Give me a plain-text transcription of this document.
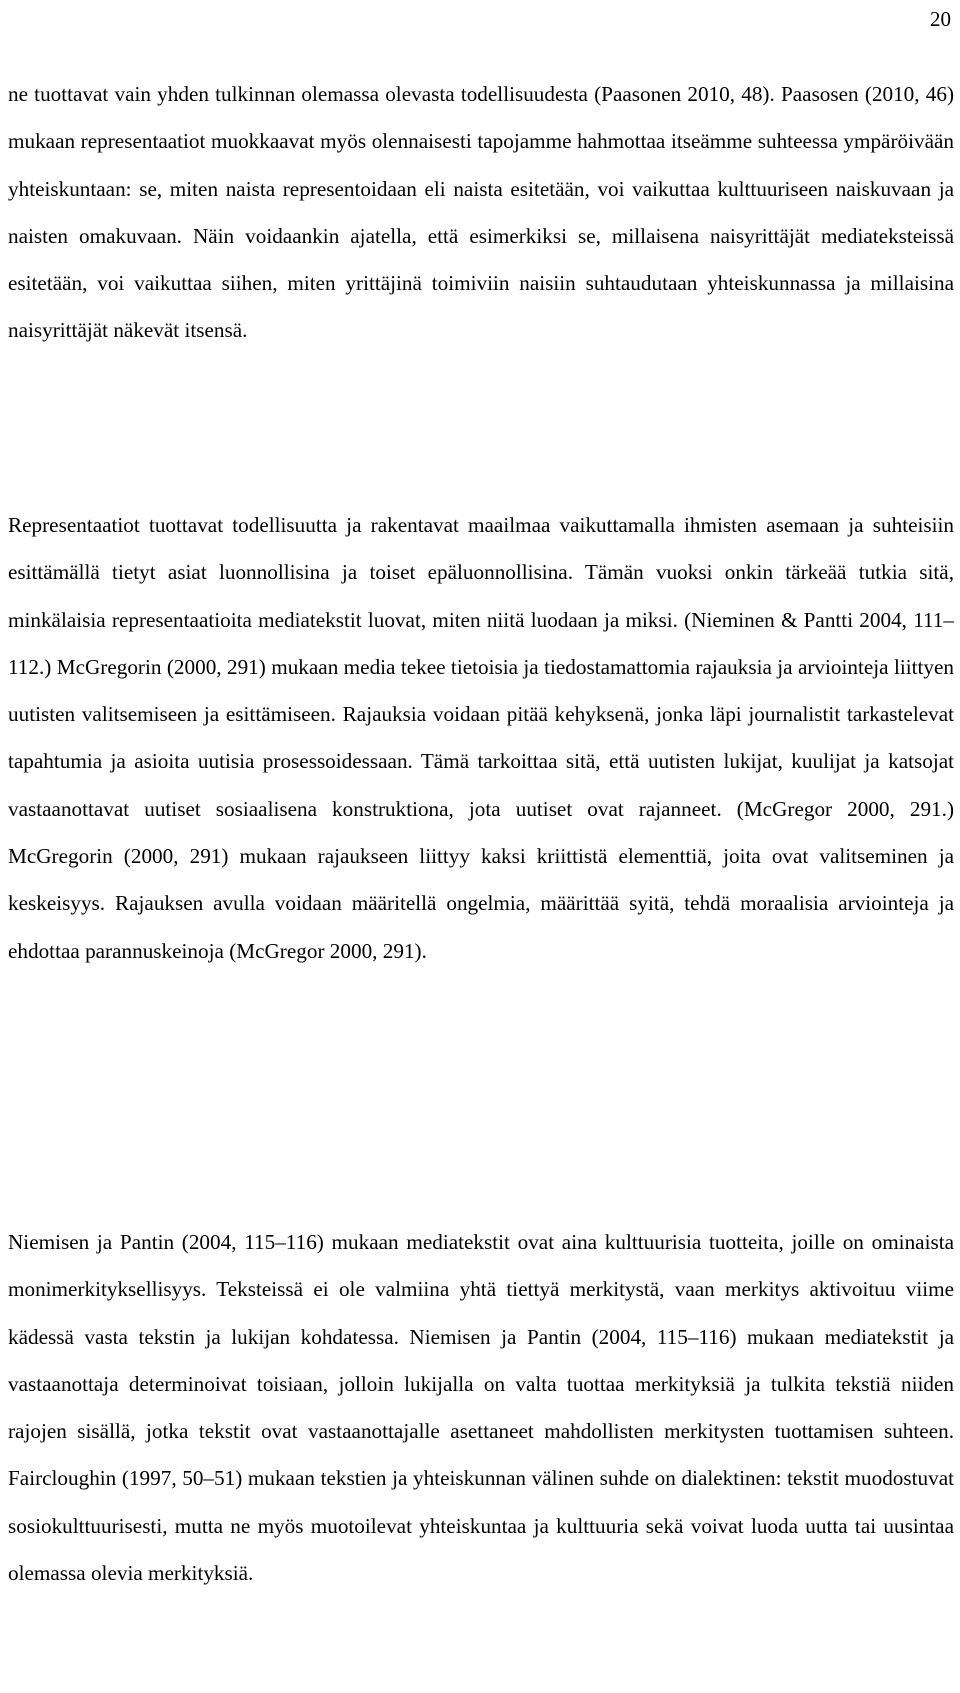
20

ne tuottavat vain yhden tulkinnan olemassa olevasta todellisuudesta (Paasonen 2010, 48). Paasosen (2010, 46) mukaan representaatiot muokkaavat myös olennaisesti tapojamme hahmottaa itseämme suhteessa ympäröivään yhteiskuntaan: se, miten naista representoidaan eli naista esitetään, voi vaikuttaa kulttuuriseen naiskuvaan ja naisten omakuvaan. Näin voidaankin ajatella, että esimerkiksi se, millaisena naisyrittäjät mediateksteissä esitetään, voi vaikuttaa siihen, miten yrittäjinä toimiviin naisiin suhtaudutaan yhteiskunnassa ja millaisina naisyrittäjät näkevät itsensä.

Representaatiot tuottavat todellisuutta ja rakentavat maailmaa vaikuttamalla ihmisten asemaan ja suhteisiin esittämällä tietyt asiat luonnollisina ja toiset epäluonnollisina. Tämän vuoksi onkin tärkeää tutkia sitä, minkälaisia representaatioita mediatekstit luovat, miten niitä luodaan ja miksi. (Nieminen & Pantti 2004, 111–112.) McGregorin (2000, 291) mukaan media tekee tietoisia ja tiedostamattomia rajauksia ja arviointeja liittyen uutisten valitsemiseen ja esittämiseen. Rajauksia voidaan pitää kehyksenä, jonka läpi journalistit tarkastelevat tapahtumia ja asioita uutisia prosessoidessaan. Tämä tarkoittaa sitä, että uutisten lukijat, kuulijat ja katsojat vastaanottavat uutiset sosiaalisena konstruktiona, jota uutiset ovat rajanneet. (McGregor 2000, 291.) McGregorin (2000, 291) mukaan rajaukseen liittyy kaksi kriittistä elementtiä, joita ovat valitseminen ja keskeisyys. Rajauksen avulla voidaan määritellä ongelmia, määrittää syitä, tehdä moraalisia arviointeja ja ehdottaa parannuskeinoja (McGregor 2000, 291).

Niemisen ja Pantin (2004, 115–116) mukaan mediatekstit ovat aina kulttuurisia tuotteita, joille on ominaista monimerkityksellisyys. Teksteissä ei ole valmiina yhtä tiettyä merkitystä, vaan merkitys aktivoituu viime kädessä vasta tekstin ja lukijan kohdatessa. Niemisen ja Pantin (2004, 115–116) mukaan mediatekstit ja vastaanottaja determinoivat toisiaan, jolloin lukijalla on valta tuottaa merkityksiä ja tulkita tekstiä niiden rajojen sisällä, jotka tekstit ovat vastaanottajalle asettaneet mahdollisten merkitysten tuottamisen suhteen. Faircloughin (1997, 50–51) mukaan tekstien ja yhteiskunnan välinen suhde on dialektinen: tekstit muodostuvat sosiokulttuurisesti, mutta ne myös muotoilevat yhteiskuntaa ja kulttuuria sekä voivat luoda uutta tai uusintaa olemassa olevia merkityksiä.
